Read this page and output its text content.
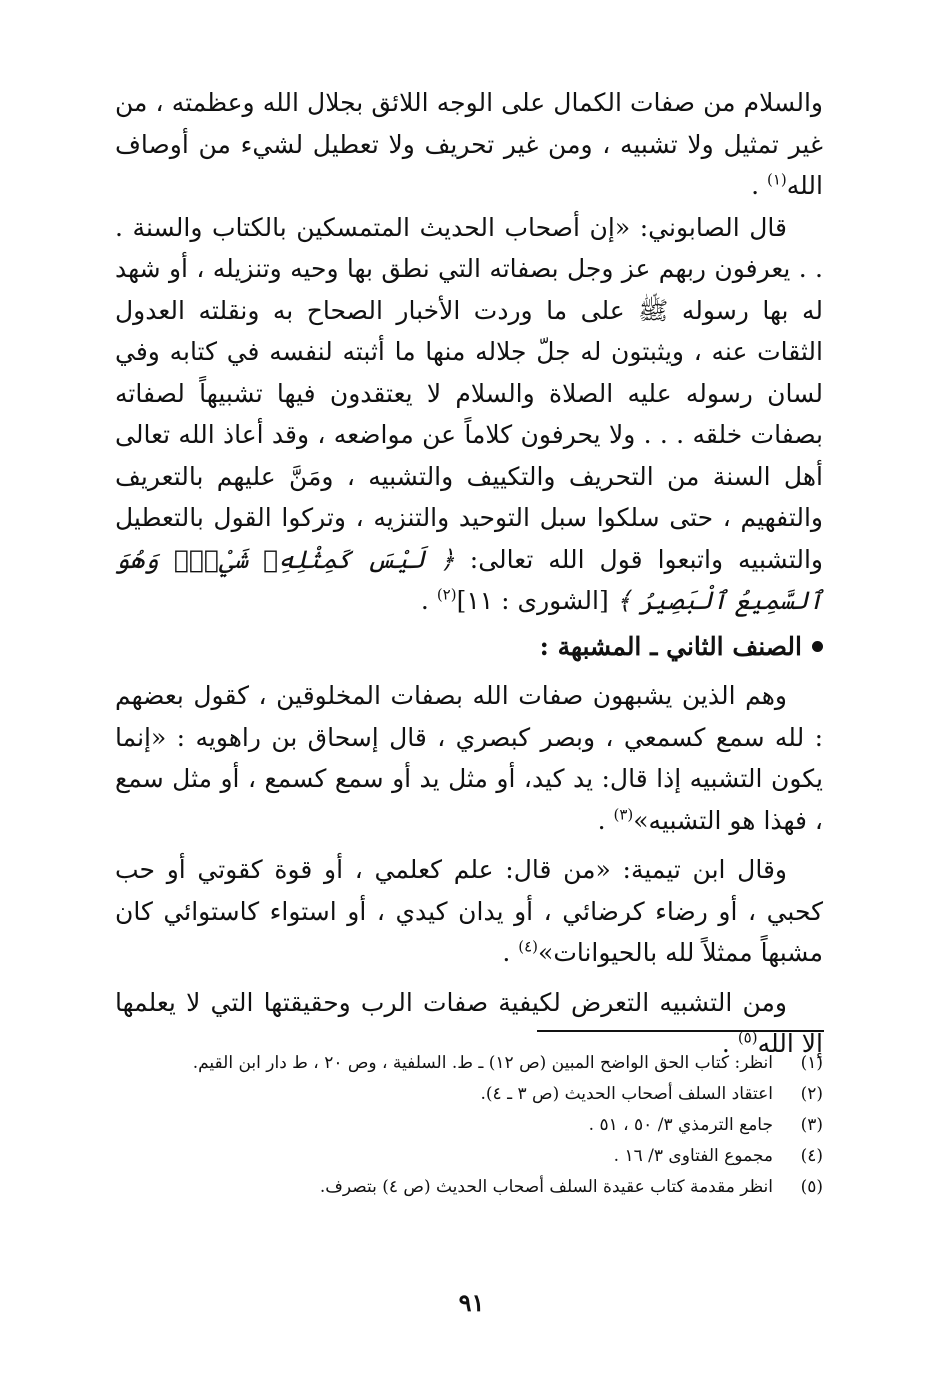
والسلام من صفات الكمال على الوجه اللائق بجلال الله وعظمته ، من غير تمثيل ولا تشبيه ، ومن غير تحريف ولا تعطيل لشيء من أوصاف الله$^{(١)}$ .

قال الصابوني: «إن أصحاب الحديث المتمسكين بالكتاب والسنة . . . يعرفون ربهم عز وجل بصفاته التي نطق بها وحيه وتنزيله ، أو شهد له بها رسوله ﷺ على ما وردت الأخبار الصحاح به ونقلته العدول الثقات عنه ، ويثبتون له جلّ جلاله منها ما أثبته لنفسه في كتابه وفي لسان رسوله عليه الصلاة والسلام لا يعتقدون فيها تشبيهاً لصفاته بصفات خلقه . . . ولا يحرفون كلاماً عن مواضعه ، وقد أعاذ الله تعالى أهل السنة من التحريف والتكييف والتشبيه ، ومَنَّ عليهم بالتعريف والتفهيم ، حتى سلكوا سبل التوحيد والتنزيه ، وتركوا القول بالتعطيل والتشبيه واتبعوا قول الله تعالى: ﴿ لَيْسَ كَمِثْلِهِۦ شَيْءٌۖ وَهُوَ ٱلسَّمِيعُ ٱلْبَصِيرُ ﴾ [الشورى : ١١]$^{(٢)}$ .

الصنف الثاني ـ المشبهة :

وهم الذين يشبهون صفات الله بصفات المخلوقين ، كقول بعضهم : لله سمع كسمعي ، وبصر كبصري ، قال إسحاق بن راهويه : «إنما يكون التشبيه إذا قال: يد كيد، أو مثل يد أو سمع كسمع ، أو مثل سمع ، فهذا هو التشبيه»$^{(٣)}$ .

وقال ابن تيمية: «من قال: علم كعلمي ، أو قوة كقوتي أو حب كحبي ، أو رضاء كرضائي ، أو يدان كيدي ، أو استواء كاستوائي كان مشبهاً ممثلاً لله بالحيوانات»$^{(٤)}$ .

ومن التشبيه التعرض لكيفية صفات الرب وحقيقتها التي لا يعلمها إلا الله$^{(٥)}$ .

(١)
انظر: كتاب الحق الواضح المبين (ص ١٢) ـ ط. السلفية ، وص ٢٠ ، ط دار ابن القيم.
(٢)
اعتقاد السلف أصحاب الحديث (ص ٣ ـ ٤).
(٣)
جامع الترمذي ٣/ ٥٠ ، ٥١ .
(٤)
مجموع الفتاوى ٣/ ١٦ .
(٥)
انظر مقدمة كتاب عقيدة السلف أصحاب الحديث (ص ٤) بتصرف.
٩١
